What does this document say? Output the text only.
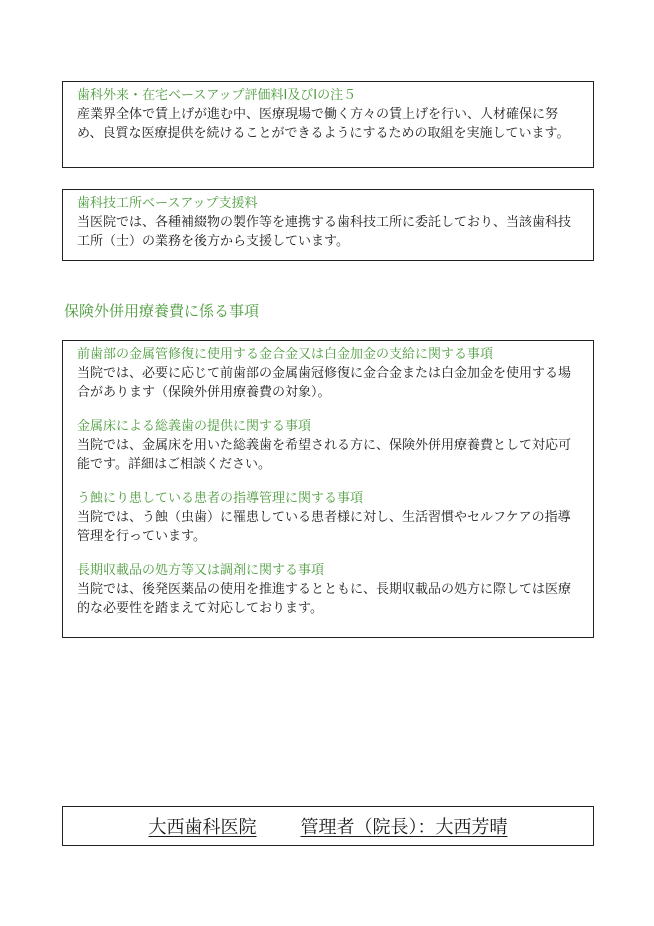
歯科外来・在宅ベースアップ評価料Ⅰ及びⅠの注５
産業界全体で賃上げが進む中、医療現場で働く方々の賃上げを行い、人材確保に努め、良質な医療提供を続けることができるようにするための取組を実施しています。
歯科技工所ベースアップ支援料
当医院では、各種補綴物の製作等を連携する歯科技工所に委託しており、当該歯科技工所（士）の業務を後方から支援しています。
保険外併用療養費に係る事項
前歯部の金属管修復に使用する金合金又は白金加金の支給に関する事項
当院では、必要に応じて前歯部の金属歯冠修復に金合金または白金加金を使用する場合があります（保険外併用療養費の対象）。
金属床による総義歯の提供に関する事項
当院では、金属床を用いた総義歯を希望される方に、保険外併用療養費として対応可能です。詳細はご相談ください。
う蝕にり患している患者の指導管理に関する事項
当院では、う蝕（虫歯）に罹患している患者様に対し、生活習慣やセルフケアの指導管理を行っています。
長期収載品の処方等又は調剤に関する事項
当院では、後発医薬品の使用を推進するとともに、長期収載品の処方に際しては医療的な必要性を踏まえて対応しております。
大西歯科医院 管理者（院長）：大西芳晴
